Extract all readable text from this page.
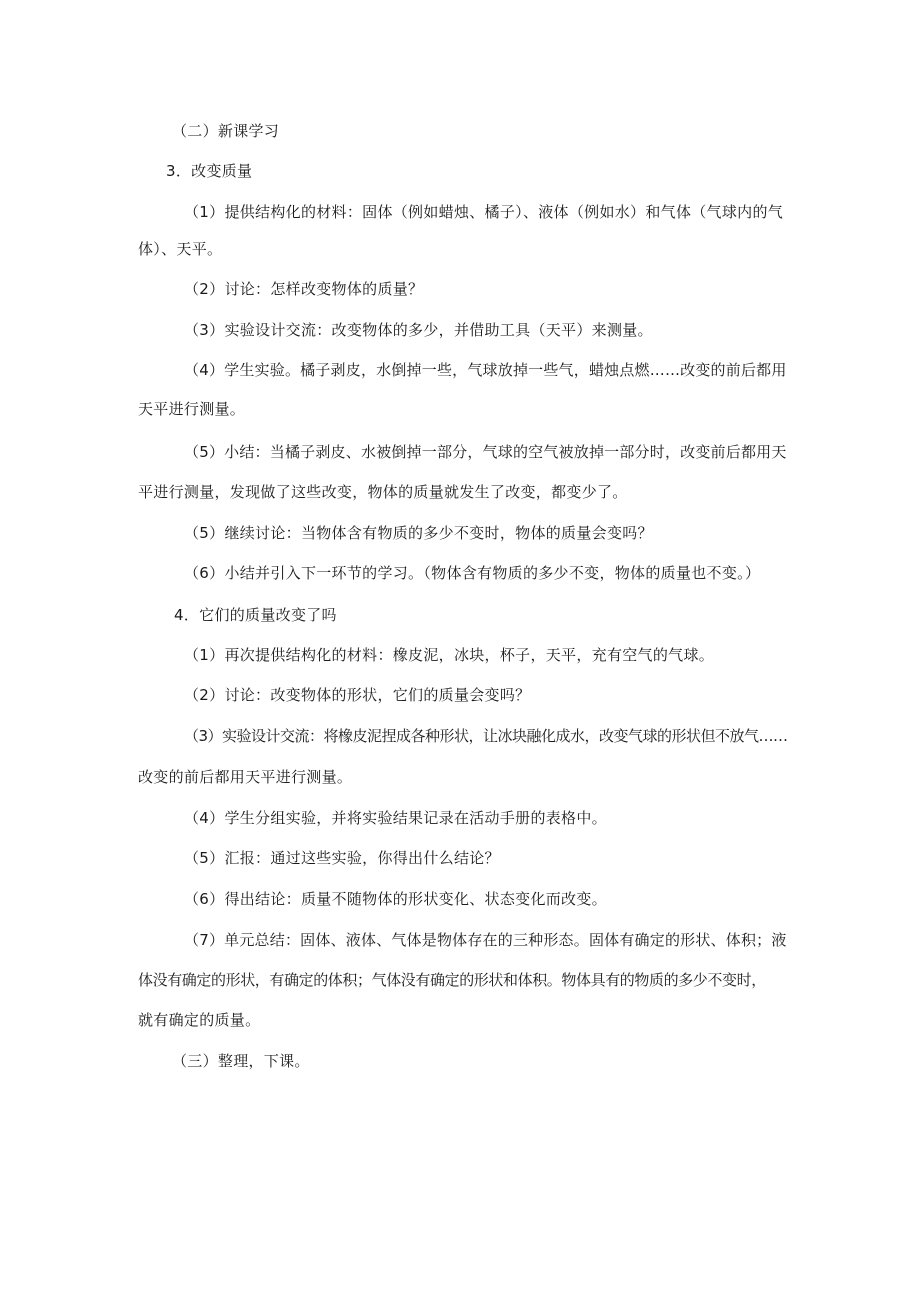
（二）新课学习

3．改变质量

（1）提供结构化的材料：固体（例如蜡烛、橘子）、液体（例如水）和气体（气球内的气

体）、天平。

（2）讨论：怎样改变物体的质量？

（3）实验设计交流：改变物体的多少，并借助工具（天平）来测量。

（4）学生实验。橘子剥皮，水倒掉一些，气球放掉一些气，蜡烛点燃……改变的前后都用

天平进行测量。

（5）小结：当橘子剥皮、水被倒掉一部分，气球的空气被放掉一部分时，改变前后都用天

平进行测量，发现做了这些改变，物体的质量就发生了改变，都变少了。

（5）继续讨论：当物体含有物质的多少不变时，物体的质量会变吗？

（6）小结并引入下一环节的学习。（物体含有物质的多少不变，物体的质量也不变。）

4．它们的质量改变了吗

（1）再次提供结构化的材料：橡皮泥，冰块，杯子，天平，充有空气的气球。

（2）讨论：改变物体的形状，它们的质量会变吗？

（3）实验设计交流：将橡皮泥捏成各种形状，让冰块融化成水，改变气球的形状但不放气……

改变的前后都用天平进行测量。

（4）学生分组实验，并将实验结果记录在活动手册的表格中。

（5）汇报：通过这些实验，你得出什么结论？

（6）得出结论：质量不随物体的形状变化、状态变化而改变。

（7）单元总结：固体、液体、气体是物体存在的三种形态。固体有确定的形状、体积；液

体没有确定的形状，有确定的体积；气体没有确定的形状和体积。物体具有的物质的多少不变时，

就有确定的质量。

（三）整理，下课。
